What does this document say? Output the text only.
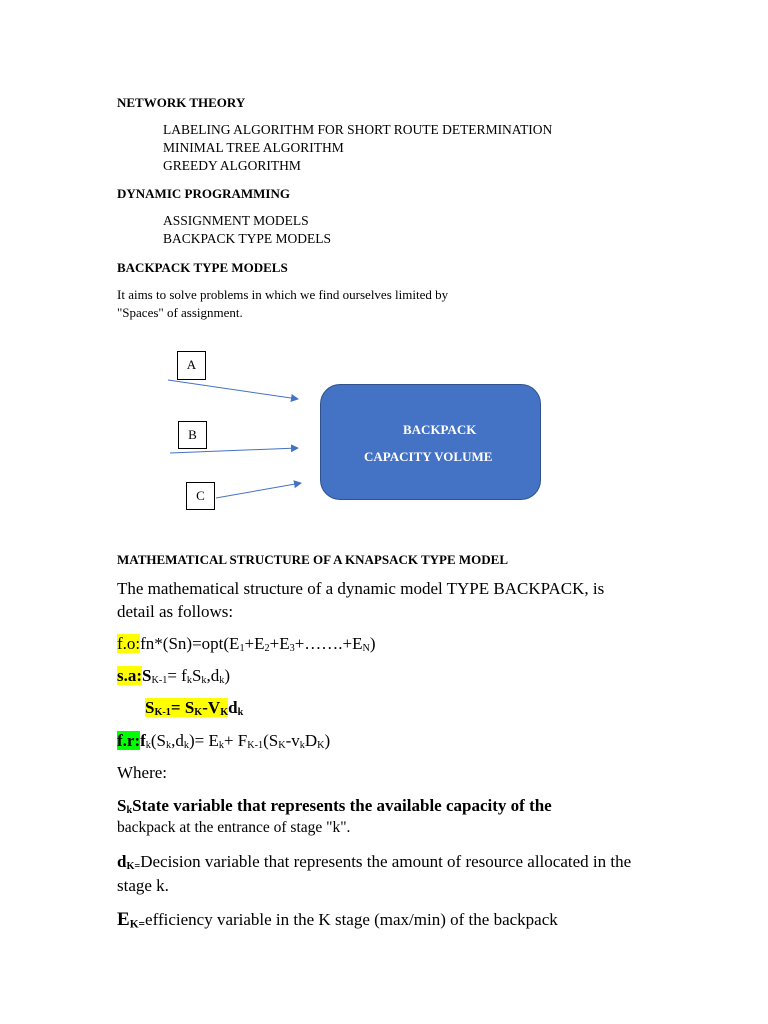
NETWORK THEORY
LABELING ALGORITHM FOR SHORT ROUTE DETERMINATION
MINIMAL TREE ALGORITHM
GREEDY ALGORITHM
DYNAMIC PROGRAMMING
ASSIGNMENT MODELS
BACKPACK TYPE MODELS
BACKPACK TYPE MODELS
It aims to solve problems in which we find ourselves limited by
"Spaces" of assignment.
A
B
C
BACKPACK
CAPACITY VOLUME
MATHEMATICAL STRUCTURE OF A KNAPSACK TYPE MODEL
The mathematical structure of a dynamic model TYPE BACKPACK, is
detail as follows:
$f.o:fn*(Sn)=opt(E_1+E_2+E_3+\dots\dots.+E_N)$
$s.a:S_{K-1}= f_kS_k,d_k$)
$S_{K-1}= S_K-V_Kd_k$
$f.r:f_k(S_k,d_k)= E_k+ F_{K-1}(S_K-v_kD_K)$
Where:
$S_kState$ variable that represents the available capacity of the
backpack at the entrance of stage "k".
$d_{K=}Decision$ variable that represents the amount of resource allocated in the
stage k.
$E_{K=}efficiency$ variable in the K stage (max/min) of the backpack
